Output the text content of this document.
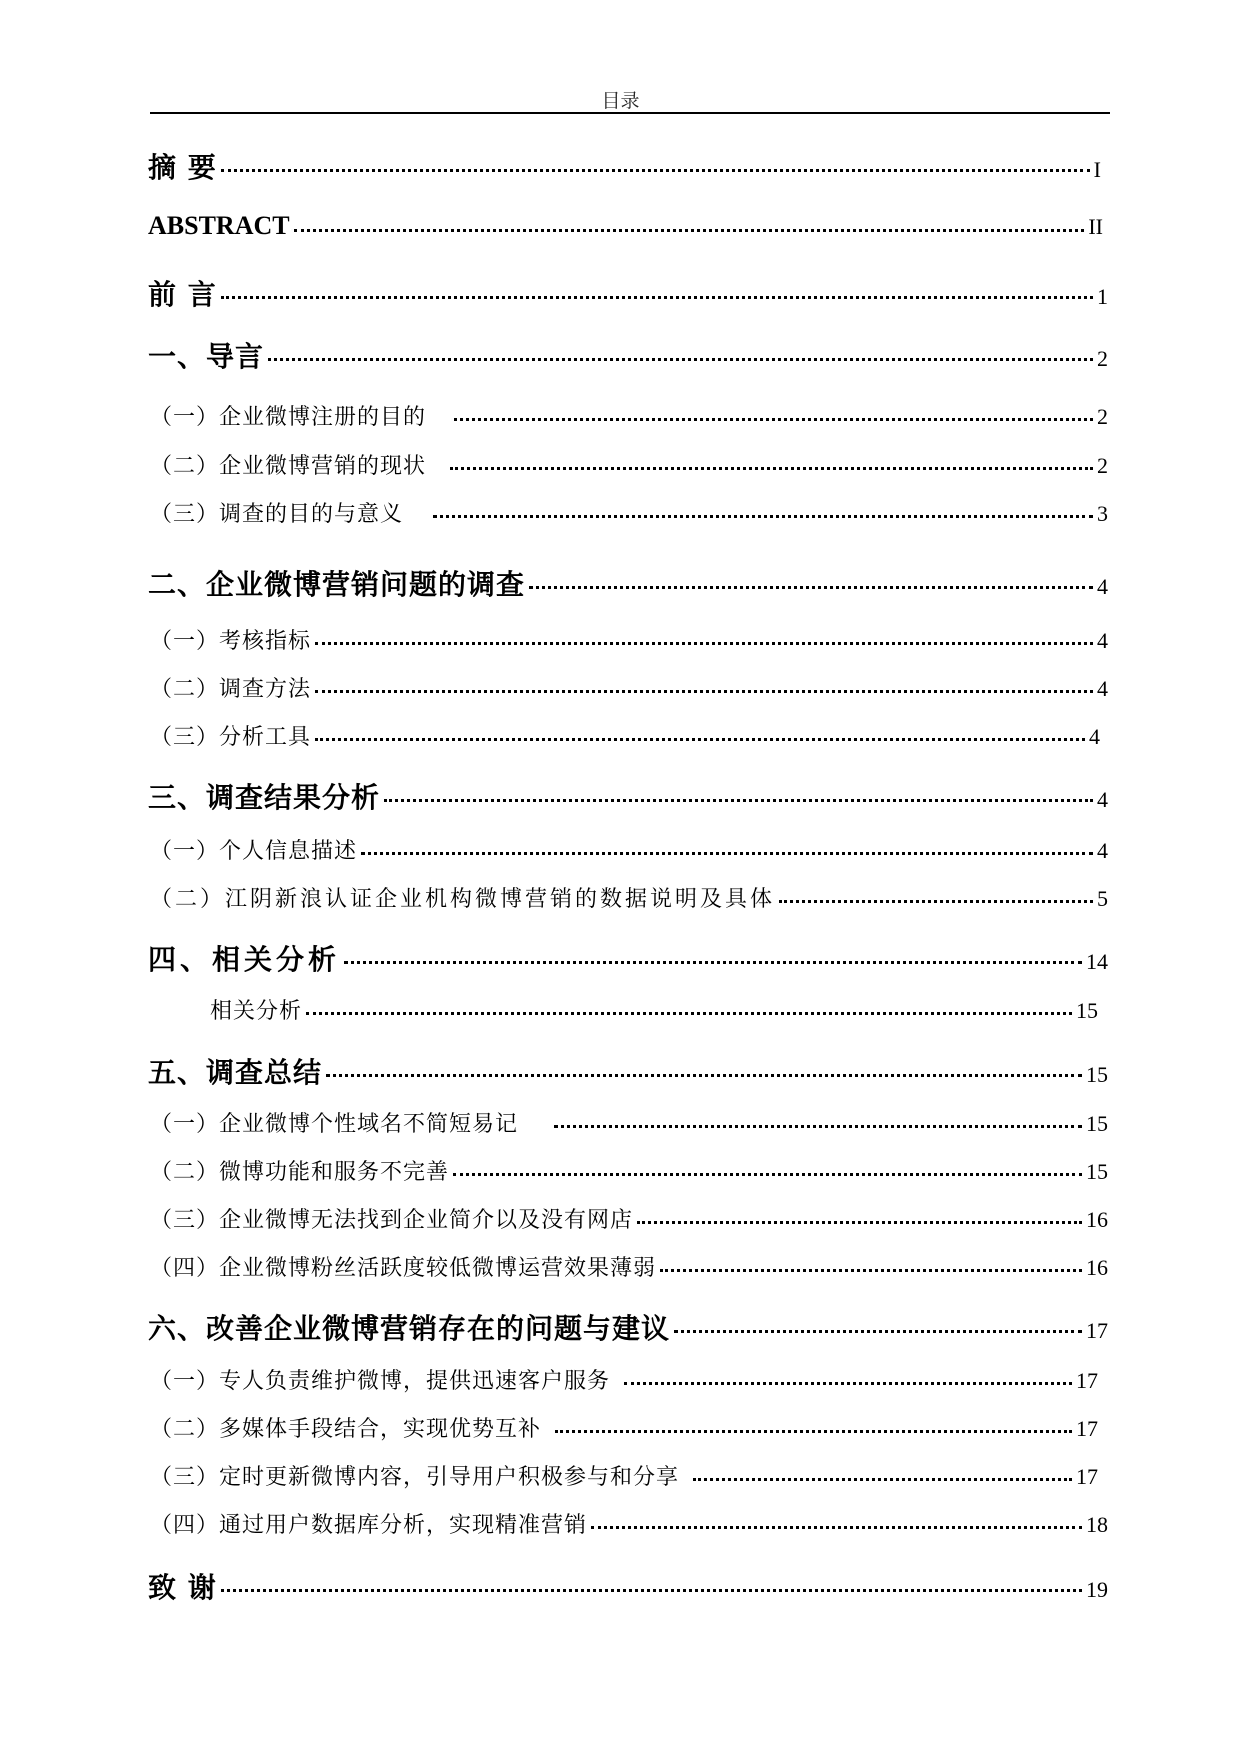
目录
摘 要	I
ABSTRACT	II
前 言	1
一、导言	2
（一）企业微博注册的目的	2
（二）企业微博营销的现状	2
（三）调查的目的与意义	3
二、企业微博营销问题的调查	4
（一）考核指标	4
（二）调查方法	4
（三）分析工具	4
三、调查结果分析	4
（一）个人信息描述	4
（二）江阴新浪认证企业机构微博营销的数据说明及具体	5
四、相关分析	14
相关分析	15
五、调查总结	15
（一）企业微博个性域名不简短易记	15
（二）微博功能和服务不完善	15
（三）企业微博无法找到企业简介以及没有网店	16
（四）企业微博粉丝活跃度较低微博运营效果薄弱	16
六、改善企业微博营销存在的问题与建议	17
（一）专人负责维护微博，提供迅速客户服务	17
（二）多媒体手段结合，实现优势互补	17
（三）定时更新微博内容，引导用户积极参与和分享	17
（四）通过用户数据库分析，实现精准营销	18
致 谢	19
